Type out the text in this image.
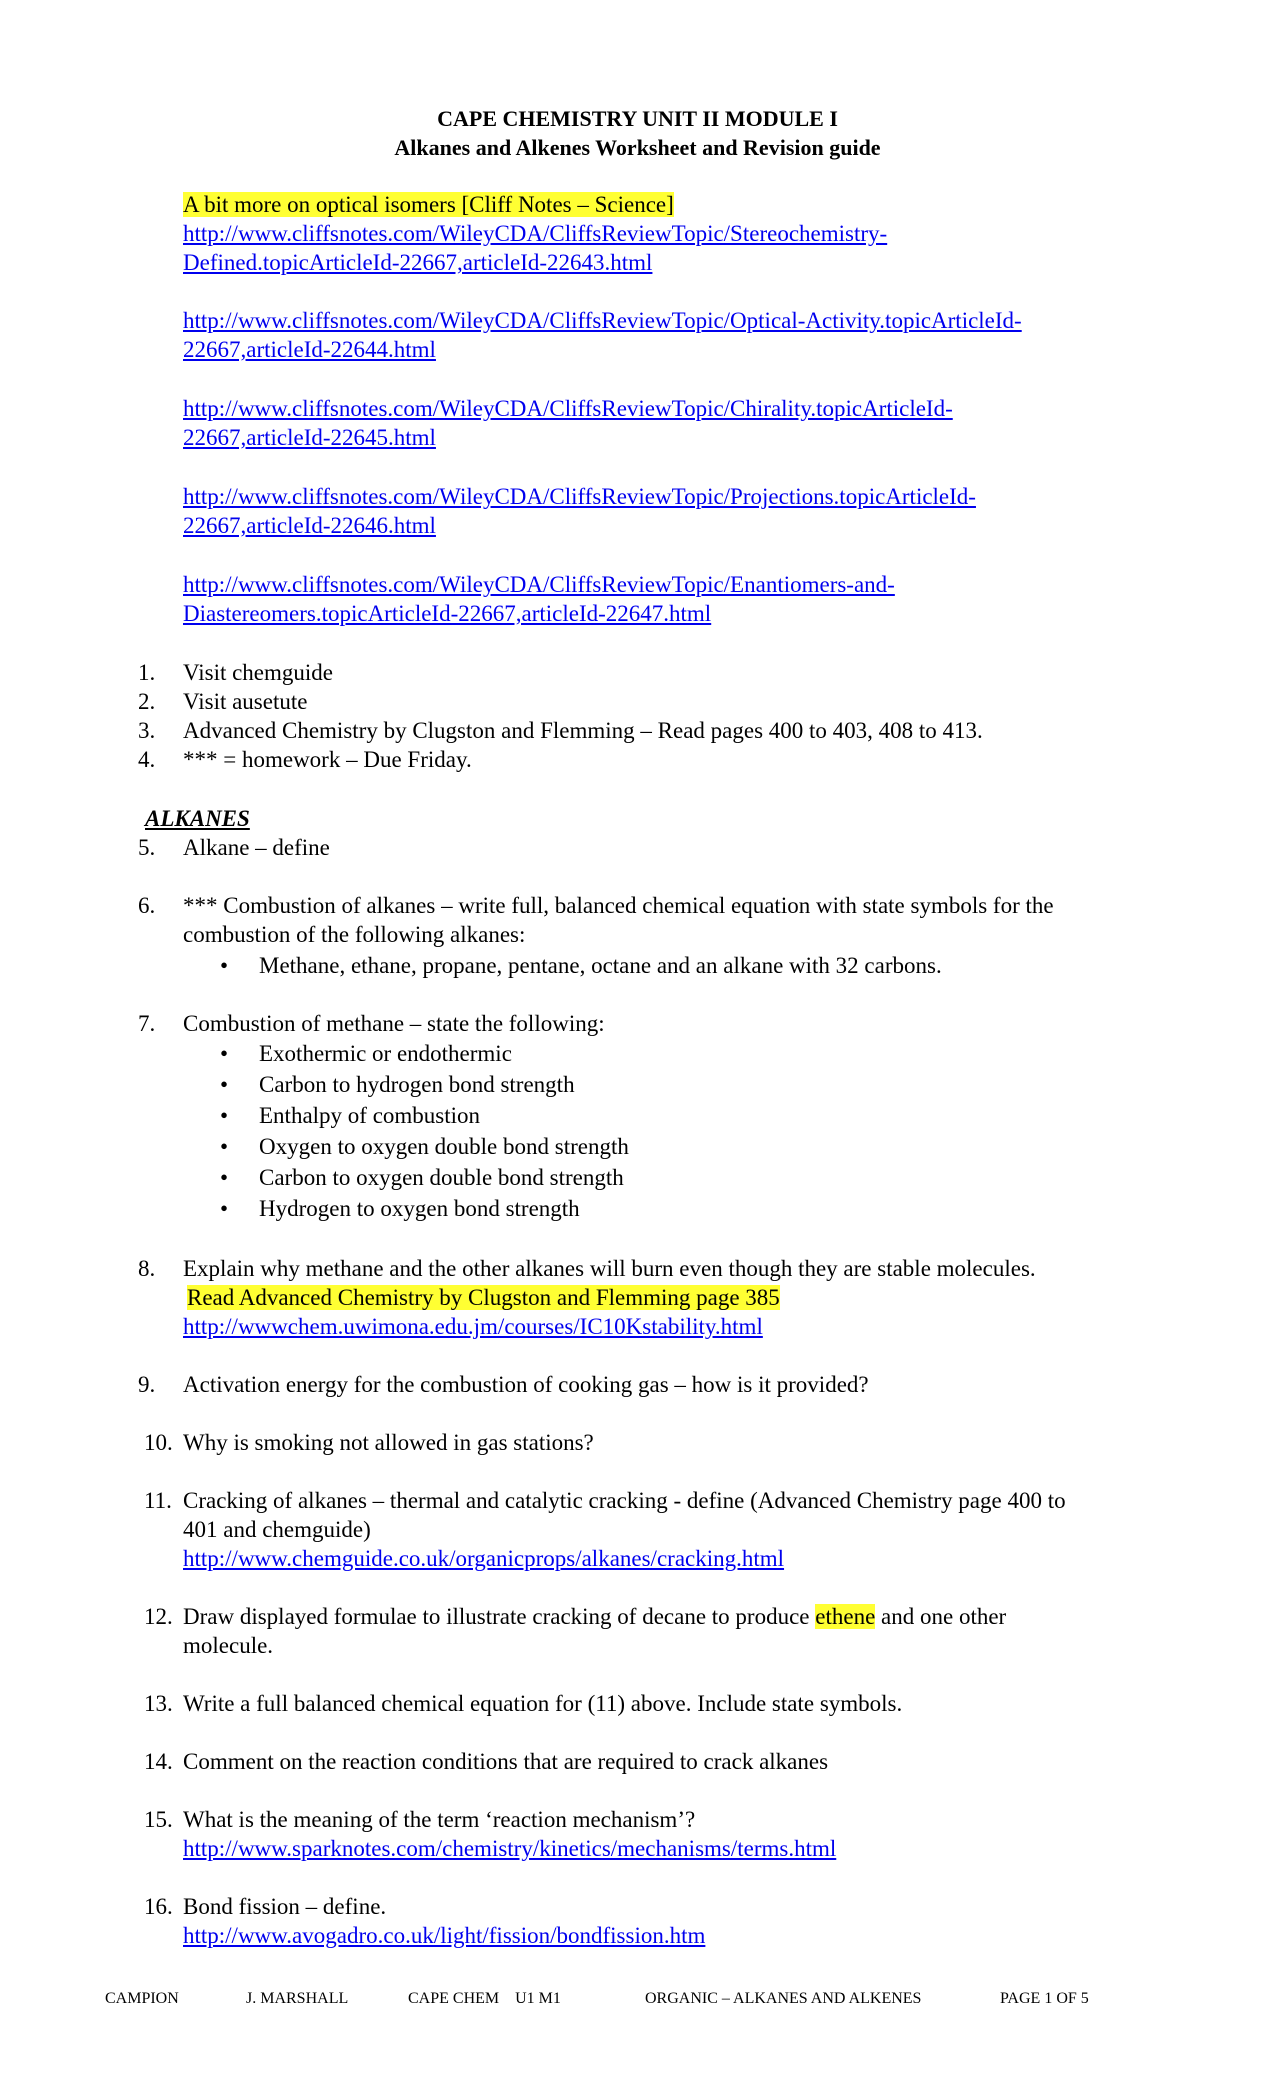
CAPE CHEMISTRY UNIT II MODULE I
Alkanes and Alkenes Worksheet and Revision guide
A bit more on optical isomers [Cliff Notes – Science]
http://www.cliffsnotes.com/WileyCDA/CliffsReviewTopic/Stereochemistry-
Defined.topicArticleId-22667,articleId-22643.html
http://www.cliffsnotes.com/WileyCDA/CliffsReviewTopic/Optical-Activity.topicArticleId-
22667,articleId-22644.html
http://www.cliffsnotes.com/WileyCDA/CliffsReviewTopic/Chirality.topicArticleId-
22667,articleId-22645.html
http://www.cliffsnotes.com/WileyCDA/CliffsReviewTopic/Projections.topicArticleId-
22667,articleId-22646.html
http://www.cliffsnotes.com/WileyCDA/CliffsReviewTopic/Enantiomers-and-
Diastereomers.topicArticleId-22667,articleId-22647.html
1. Visit chemguide
2. Visit ausetute
3. Advanced Chemistry by Clugston and Flemming – Read pages 400 to 403, 408 to 413.
4. *** = homework – Due Friday.
ALKANES
5. Alkane – define
6. *** Combustion of alkanes – write full, balanced chemical equation with state symbols for the
combustion of the following alkanes:
• Methane, ethane, propane, pentane, octane and an alkane with 32 carbons.
7. Combustion of methane – state the following:
• Exothermic or endothermic
• Carbon to hydrogen bond strength
• Enthalpy of combustion
• Oxygen to oxygen double bond strength
• Carbon to oxygen double bond strength
• Hydrogen to oxygen bond strength
8. Explain why methane and the other alkanes will burn even though they are stable molecules.
Read Advanced Chemistry by Clugston and Flemming page 385
http://wwwchem.uwimona.edu.jm/courses/IC10Kstability.html
9. Activation energy for the combustion of cooking gas – how is it provided?
10. Why is smoking not allowed in gas stations?
11. Cracking of alkanes – thermal and catalytic cracking - define (Advanced Chemistry page 400 to
401 and chemguide)
http://www.chemguide.co.uk/organicprops/alkanes/cracking.html
12. Draw displayed formulae to illustrate cracking of decane to produce ethene and one other
molecule.
13. Write a full balanced chemical equation for (11) above. Include state symbols.
14. Comment on the reaction conditions that are required to crack alkanes
15. What is the meaning of the term ‘reaction mechanism’?
http://www.sparknotes.com/chemistry/kinetics/mechanisms/terms.html
16. Bond fission – define.
http://www.avogadro.co.uk/light/fission/bondfission.htm
CAMPION	J. MARSHALL	CAPE CHEM    U1 M1	ORGANIC – ALKANES AND ALKENES	PAGE 1 OF 5
